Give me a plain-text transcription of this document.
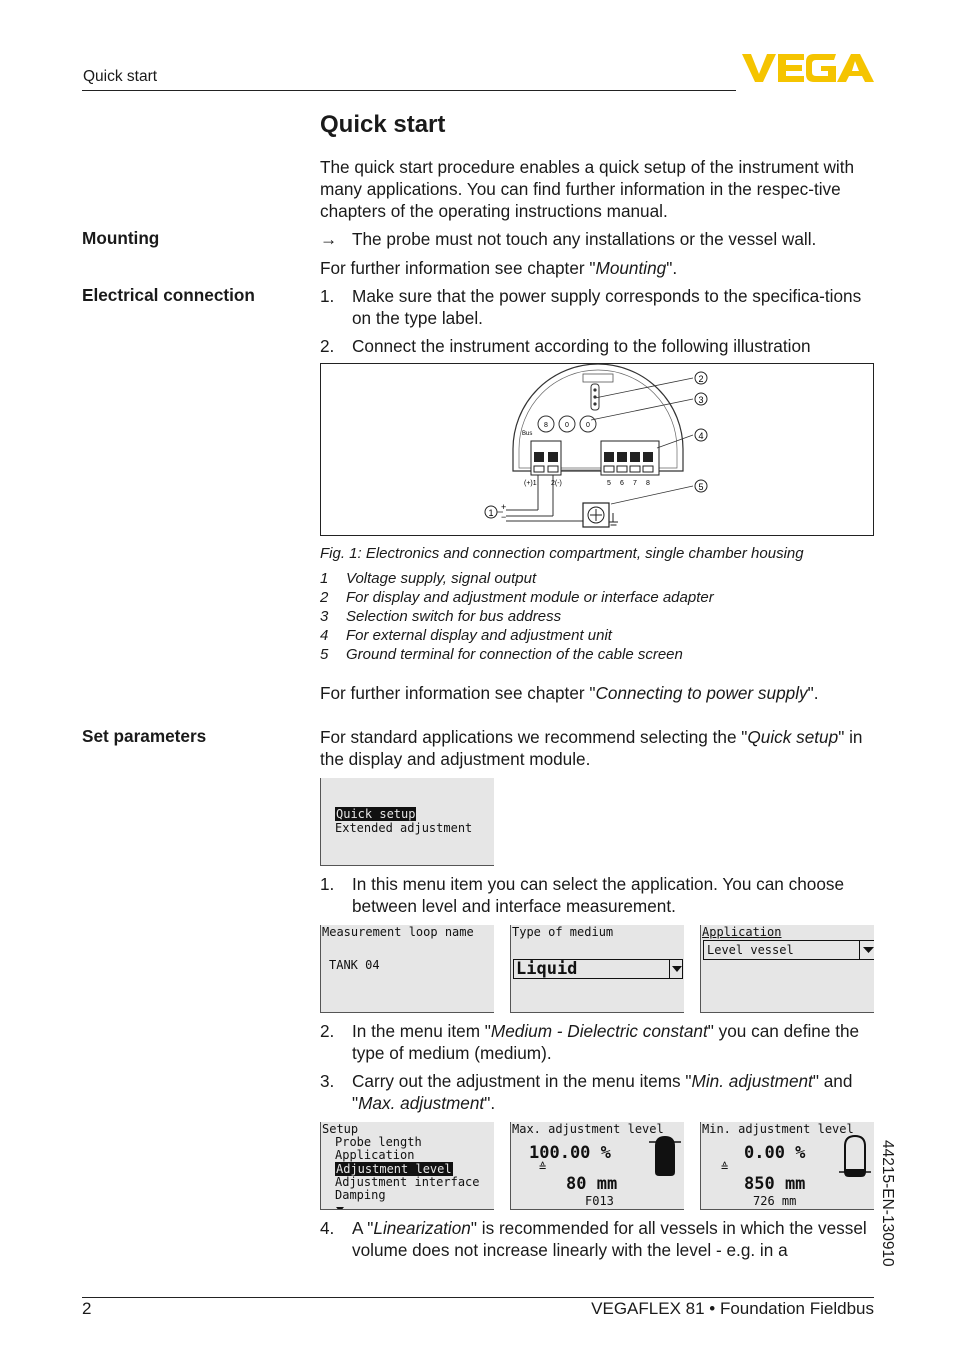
Quick start
Quick start
The quick start procedure enables a quick setup of the instrument with many applications. You can find further information in the respec-tive chapters of the operating instructions manual.
Mounting	→ The probe must not touch any installations or the vessel wall.
For further information see chapter "Mounting".
Electrical connection	1. Make sure that the power supply corresponds to the specifica-tions on the type label.
2. Connect the instrument according to the following illustration
8 0 0
Bus
(+)1 2(-)	5 6 7 8
+
−
2
3
4
5
1
Fig. 1: Electronics and connection compartment, single chamber housing
1 Voltage supply, signal output
2 For display and adjustment module or interface adapter
3 Selection switch for bus address
4 For external display and adjustment unit
5 Ground terminal for connection of the cable screen
For further information see chapter "Connecting to power supply".
Set parameters	For standard applications we recommend selecting the "Quick setup" in the display and adjustment module.
Quick setup
Extended adjustment
1. In this menu item you can select the application. You can choose between level and interface measurement.
Measurement loop name
TANK 04
Type of medium
Liquid
Application
Level vessel
2. In the menu item "Medium - Dielectric constant" you can define the type of medium (medium).
3. Carry out the adjustment in the menu items "Min. adjustment" and "Max. adjustment".
Setup
Probe length
Application
Adjustment level
Adjustment interface
Damping
Max. adjustment level
100.00 %
≙
80 mm
F013
Min. adjustment level
0.00 %
≙
850 mm
726 mm
4. A "Linearization" is recommended for all vessels in which the vessel volume does not increase linearly with the level - e.g. in a	44215-EN-130910
2	VEGAFLEX 81 • Foundation Fieldbus
